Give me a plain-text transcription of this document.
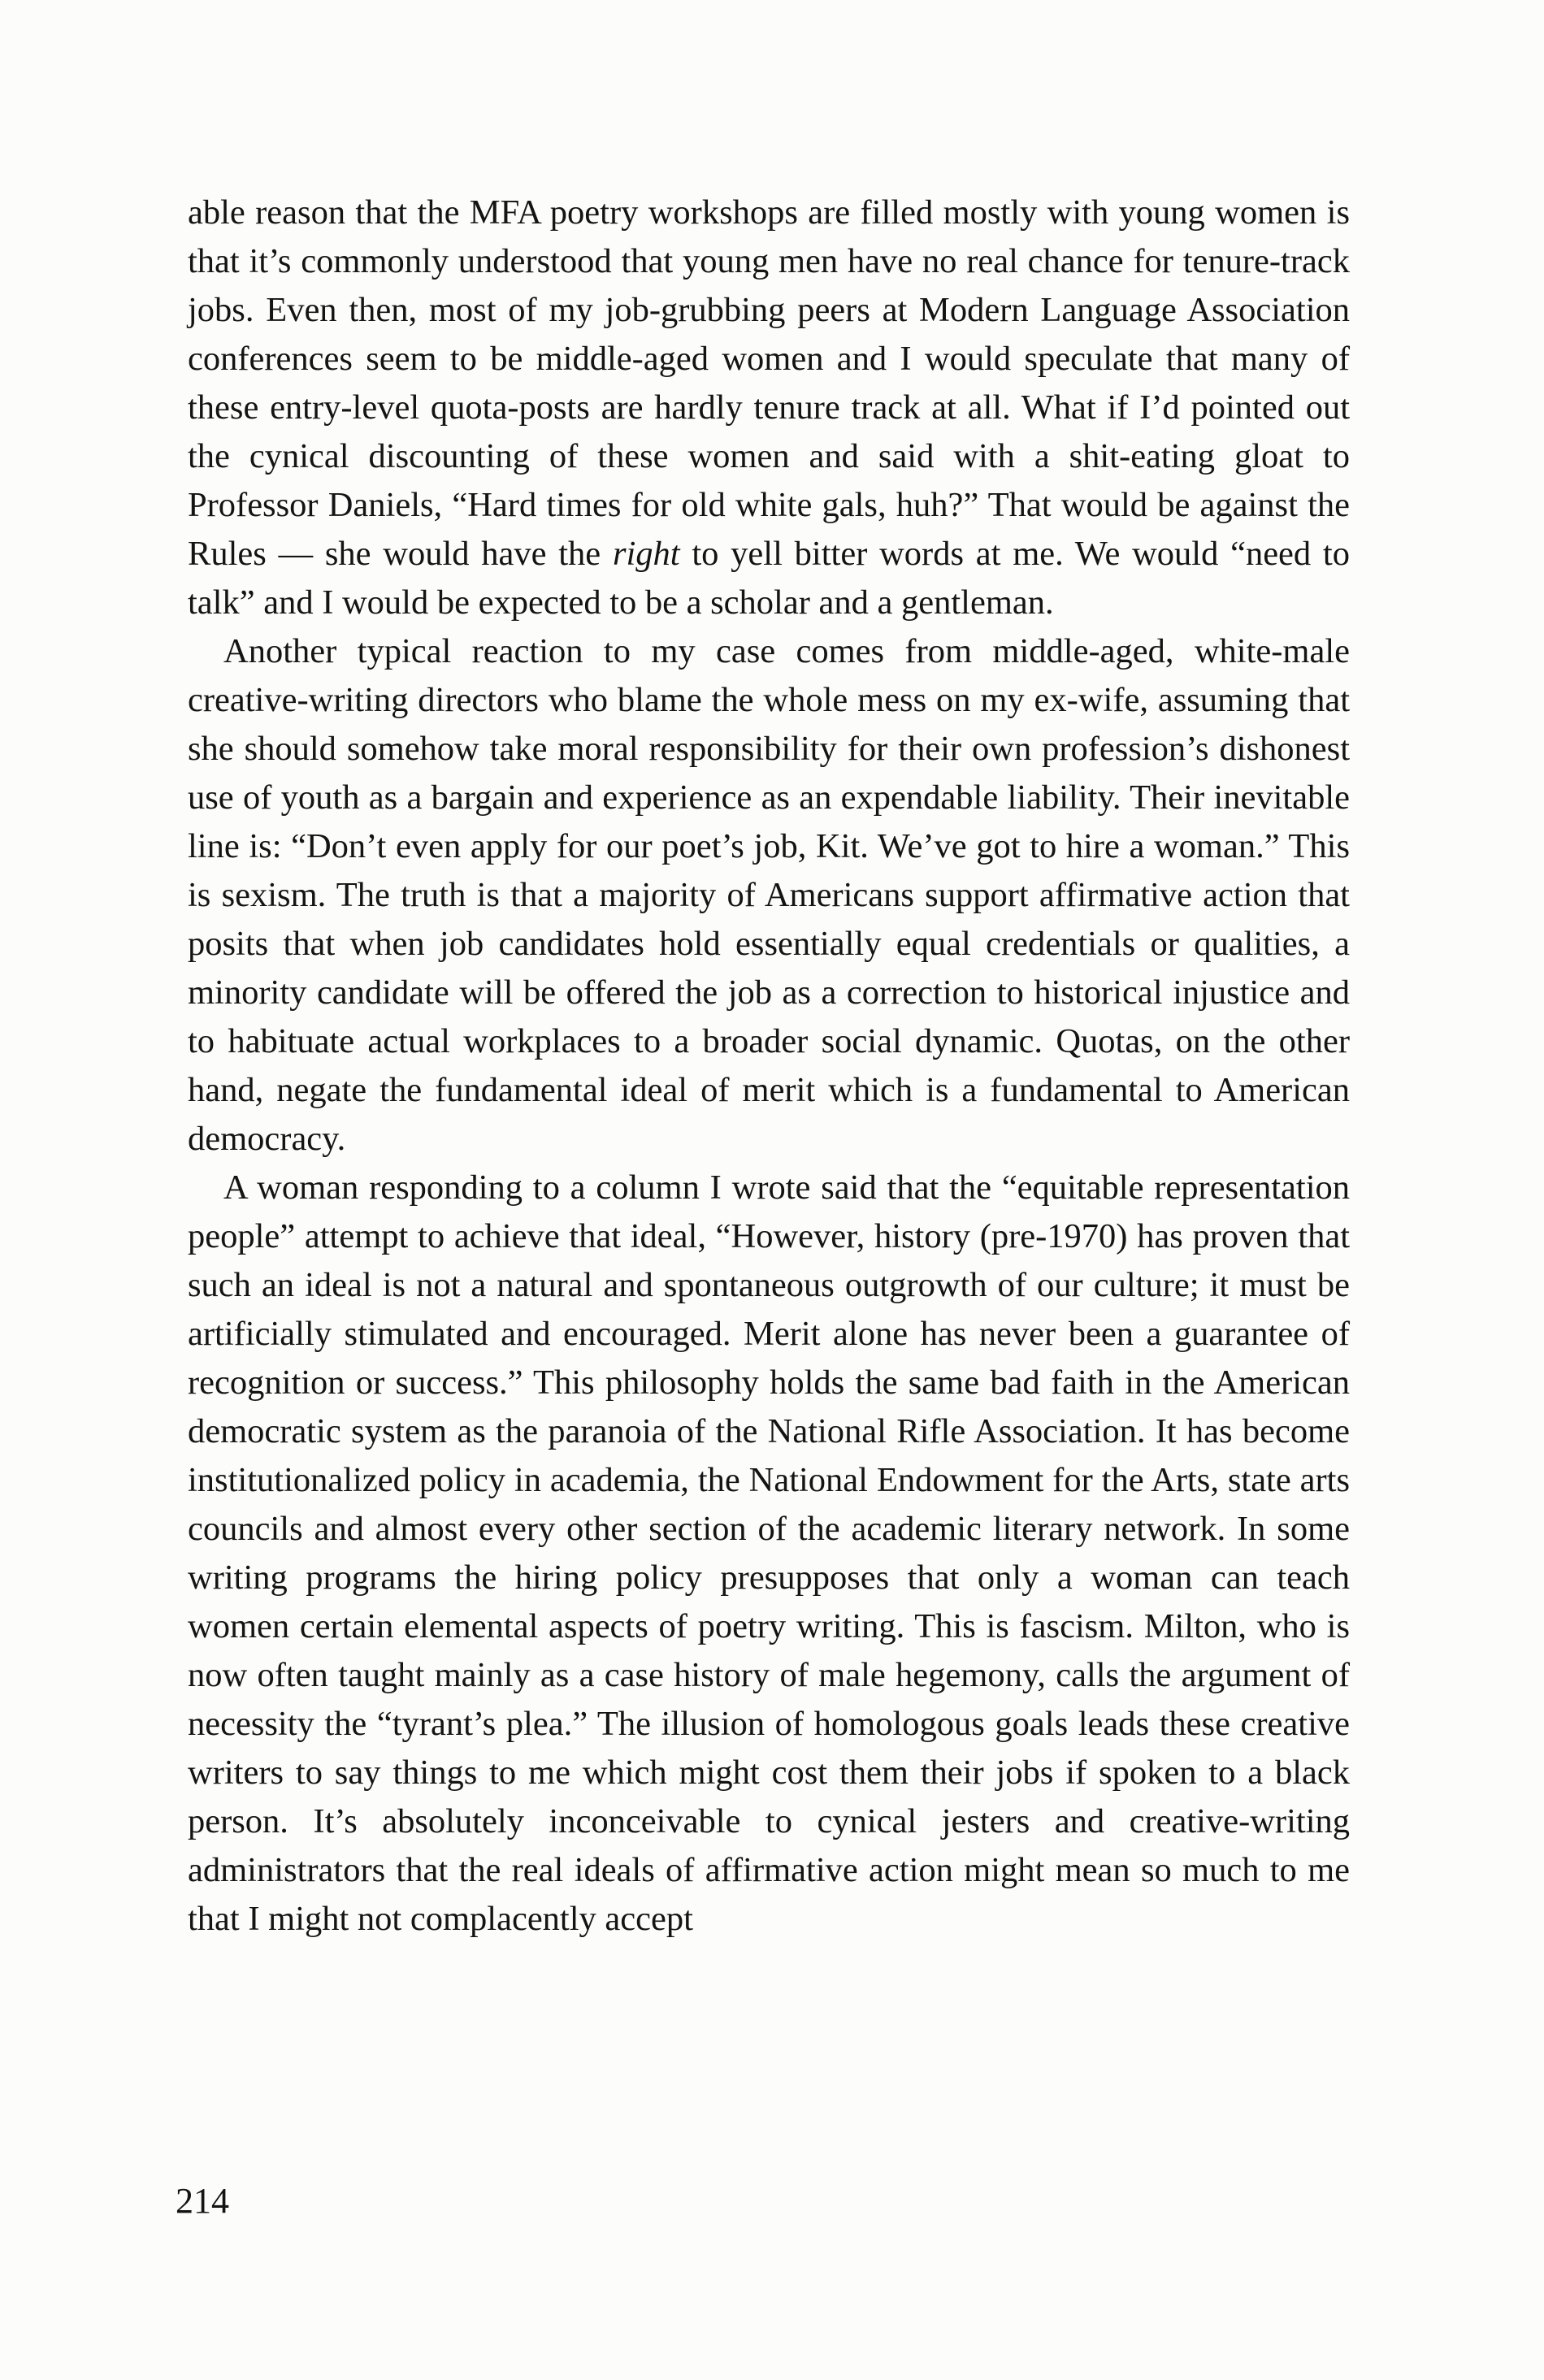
able reason that the MFA poetry workshops are filled mostly with young women is that it’s commonly understood that young men have no real chance for tenure-track jobs. Even then, most of my job-grubbing peers at Modern Language Association conferences seem to be middle-aged women and I would speculate that many of these entry-level quota-posts are hardly tenure track at all. What if I’d pointed out the cynical discounting of these women and said with a shit-eating gloat to Professor Daniels, “Hard times for old white gals, huh?” That would be against the Rules — she would have the right to yell bitter words at me. We would “need to talk” and I would be expected to be a scholar and a gentleman.

Another typical reaction to my case comes from middle-aged, white-male creative-writing directors who blame the whole mess on my ex-wife, assuming that she should somehow take moral responsibility for their own profession’s dishonest use of youth as a bargain and experience as an expendable liability. Their inevitable line is: “Don’t even apply for our poet’s job, Kit. We’ve got to hire a woman.” This is sexism. The truth is that a majority of Americans support affirmative action that posits that when job candidates hold essentially equal credentials or qualities, a minority candidate will be offered the job as a correction to historical injustice and to habituate actual workplaces to a broader social dynamic. Quotas, on the other hand, negate the fundamental ideal of merit which is a fundamental to American democracy.

A woman responding to a column I wrote said that the “equitable representation people” attempt to achieve that ideal, “However, history (pre-1970) has proven that such an ideal is not a natural and spontaneous outgrowth of our culture; it must be artificially stimulated and encouraged. Merit alone has never been a guarantee of recognition or success.” This philosophy holds the same bad faith in the American democratic system as the paranoia of the National Rifle Association. It has become institutionalized policy in academia, the National Endowment for the Arts, state arts councils and almost every other section of the academic literary network. In some writing programs the hiring policy presupposes that only a woman can teach women certain elemental aspects of poetry writing. This is fascism. Milton, who is now often taught mainly as a case history of male hegemony, calls the argument of necessity the “tyrant’s plea.” The illusion of homologous goals leads these creative writers to say things to me which might cost them their jobs if spoken to a black person. It’s absolutely inconceivable to cynical jesters and creative-writing administrators that the real ideals of affirmative action might mean so much to me that I might not complacently accept

214
